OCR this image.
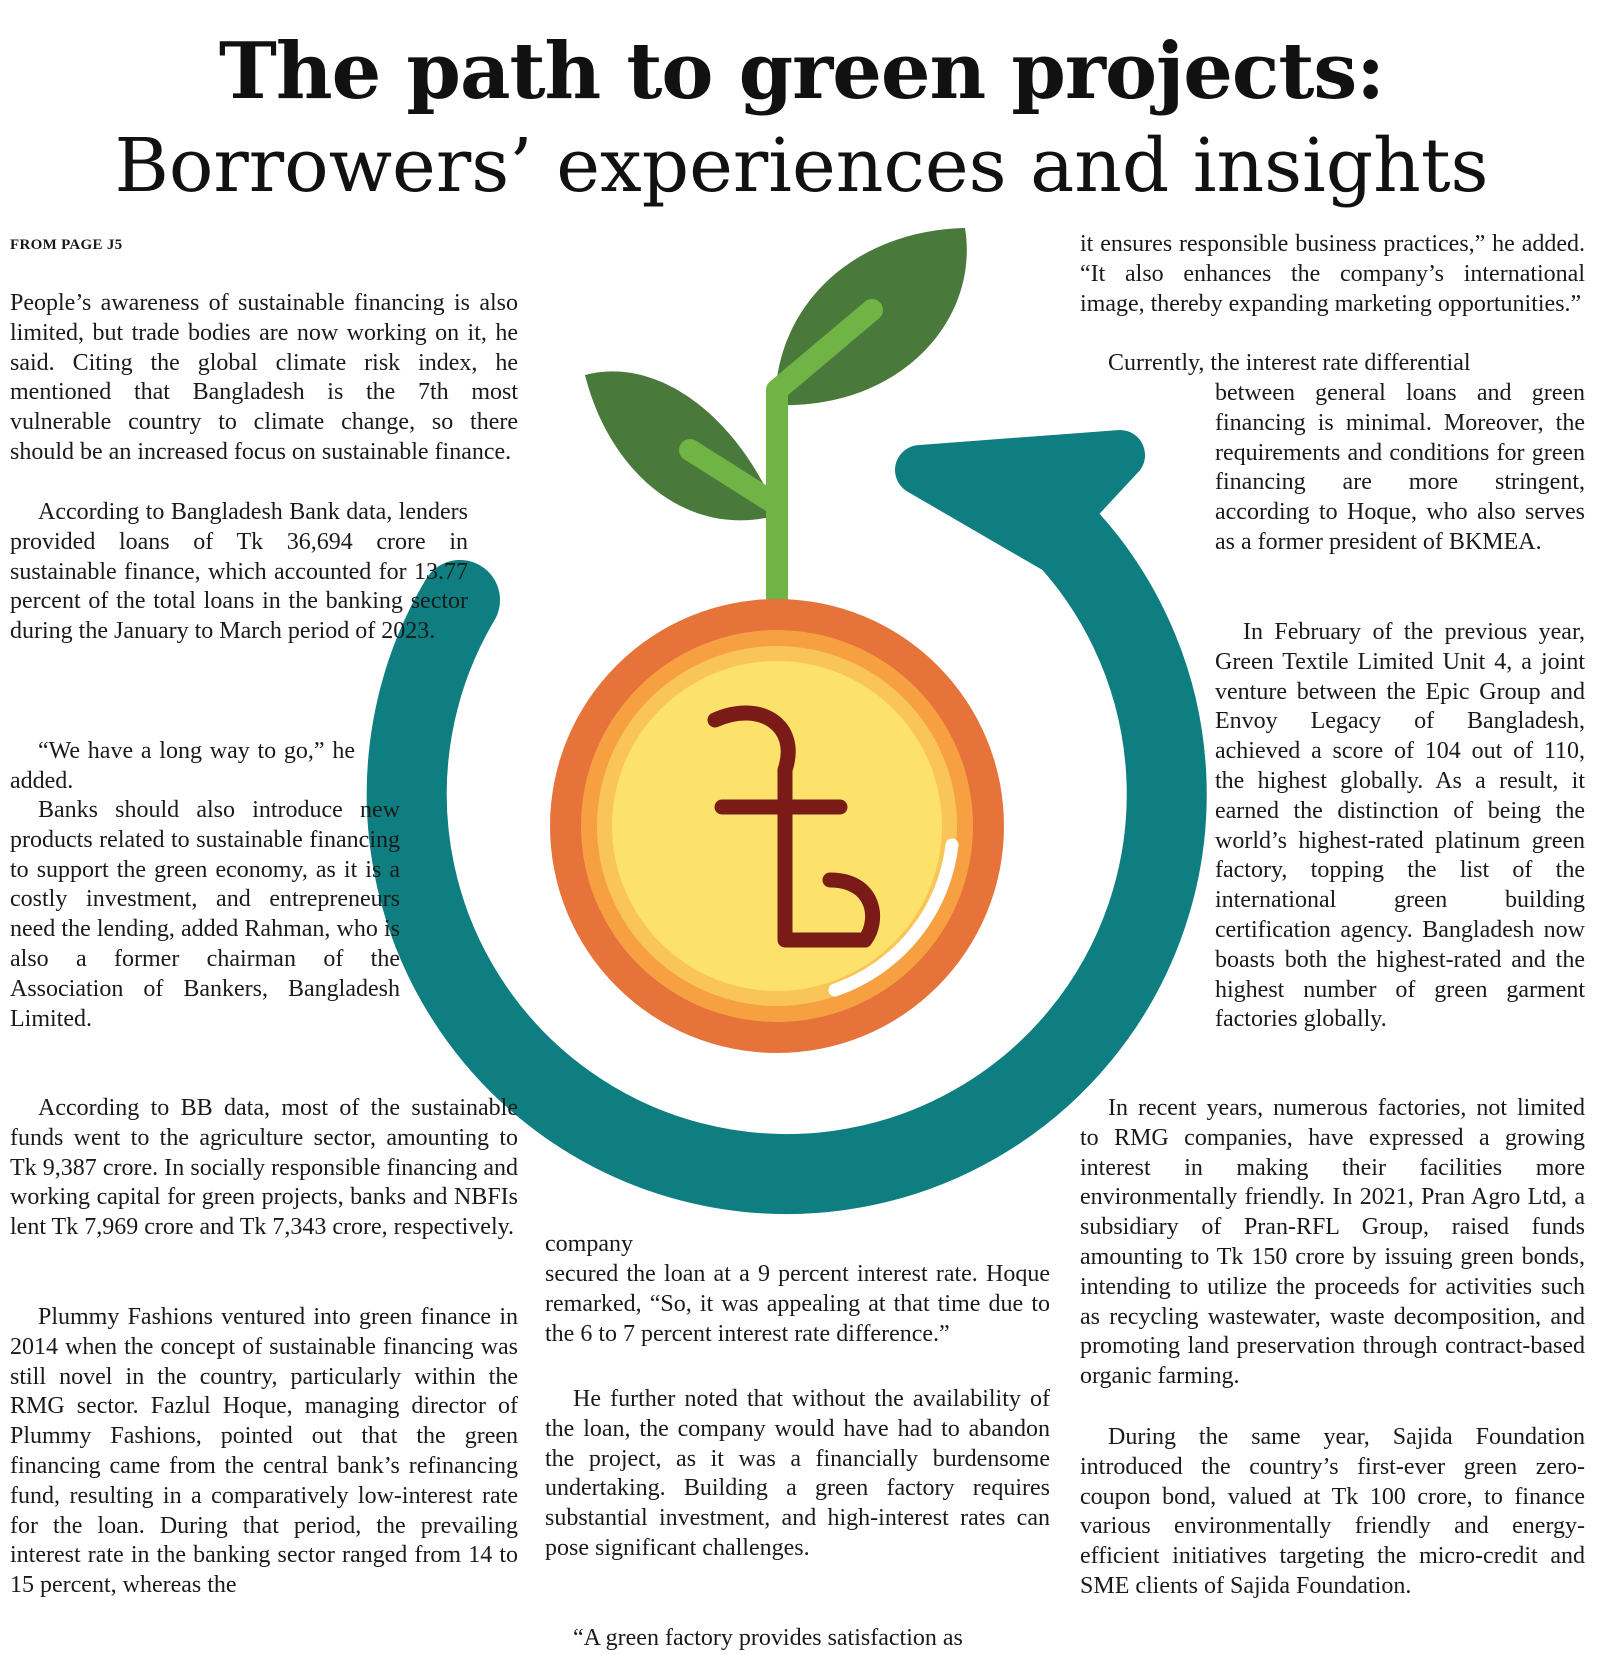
The path to green projects:
Borrowers’ experiences and insights

FROM PAGE J5

People’s awareness of sustainable financing is also limited, but trade bodies are now working on it, he said. Citing the global climate risk index, he mentioned that Bangladesh is the 7th most vulnerable country to climate change, so there should be an increased focus on sustainable finance.

According to Bangladesh Bank data, lenders provided loans of Tk 36,694 crore in sustainable finance, which accounted for 13.77 percent of the total loans in the banking sector during the January to March period of 2023.

“We have a long way to go,” he added.

Banks should also introduce new products related to sustainable financing to support the green economy, as it is a costly investment, and entrepreneurs need the lending, added Rahman, who is also a former chairman of the Association of Bankers, Bangladesh Limited.

According to BB data, most of the sustainable funds went to the agriculture sector, amounting to Tk 9,387 crore. In socially responsible financing and working capital for green projects, banks and NBFIs lent Tk 7,969 crore and Tk 7,343 crore, respectively.

Plummy Fashions ventured into green finance in 2014 when the concept of sustainable financing was still novel in the country, particularly within the RMG sector. Fazlul Hoque, managing director of Plummy Fashions, pointed out that the green financing came from the central bank’s refinancing fund, resulting in a comparatively low-interest rate for the loan. During that period, the prevailing interest rate in the banking sector ranged from 14 to 15 percent, whereas the

company

secured the loan at a 9 percent interest rate. Hoque remarked, “So, it was appealing at that time due to the 6 to 7 percent interest rate difference.”

He further noted that without the availability of the loan, the company would have had to abandon the project, as it was a financially burdensome undertaking. Building a green factory requires substantial investment, and high-interest rates can pose significant challenges.

“A green factory provides satisfaction as

it ensures responsible business practices,” he added. “It also enhances the company’s international image, thereby expanding marketing opportunities.”

Currently, the interest rate differential

between general loans and green financing is minimal. Moreover, the requirements and conditions for green financing are more stringent, according to Hoque, who also serves as a former president of BKMEA.

In February of the previous year, Green Textile Limited Unit 4, a joint venture between the Epic Group and Envoy Legacy of Bangladesh, achieved a score of 104 out of 110, the highest globally. As a result, it earned the distinction of being the world’s highest-rated platinum green factory, topping the list of the international green building certification agency. Bangladesh now boasts both the highest-rated and the highest number of green garment factories globally.

In recent years, numerous factories, not limited to RMG companies, have expressed a growing interest in making their facilities more environmentally friendly. In 2021, Pran Agro Ltd, a subsidiary of Pran-RFL Group, raised funds amounting to Tk 150 crore by issuing green bonds, intending to utilize the proceeds for activities such as recycling wastewater, waste decomposition, and promoting land preservation through contract-based organic farming.

During the same year, Sajida Foundation introduced the country’s first-ever green zero-coupon bond, valued at Tk 100 crore, to finance various environmentally friendly and energy-efficient initiatives targeting the micro-credit and SME clients of Sajida Foundation.
